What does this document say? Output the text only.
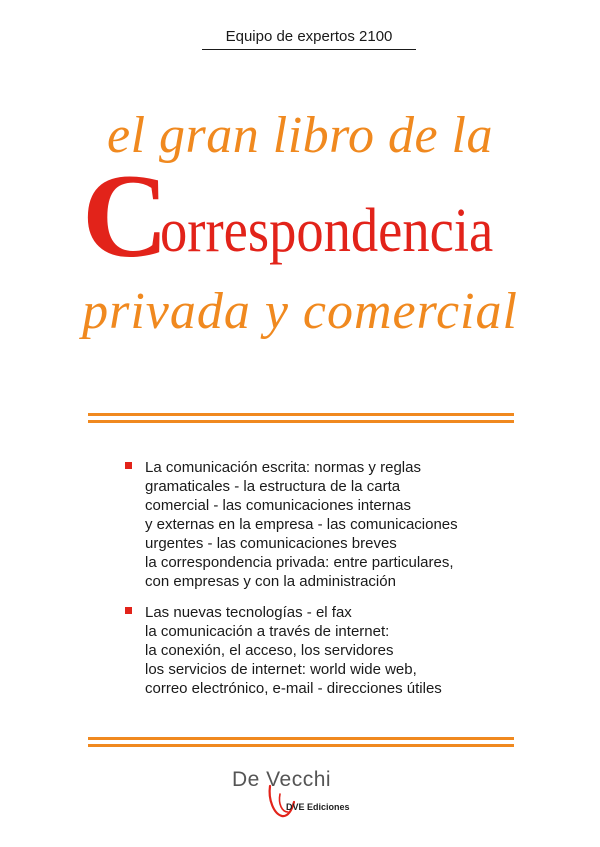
Equipo de expertos 2100
el gran libro de la
C
orrespondencia
privada y comercial
La comunicación escrita: normas y reglas
gramaticales - la estructura de la carta
comercial - las comunicaciones internas
y externas en la empresa - las comunicaciones
urgentes - las comunicaciones breves
la correspondencia privada: entre particulares,
con empresas y con la administración
Las nuevas tecnologías - el fax
la comunicación a través de internet:
la conexión, el acceso, los servidores
los servicios de internet: world wide web,
correo electrónico, e-mail - direcciones útiles
De Vecchi
DVE Ediciones
